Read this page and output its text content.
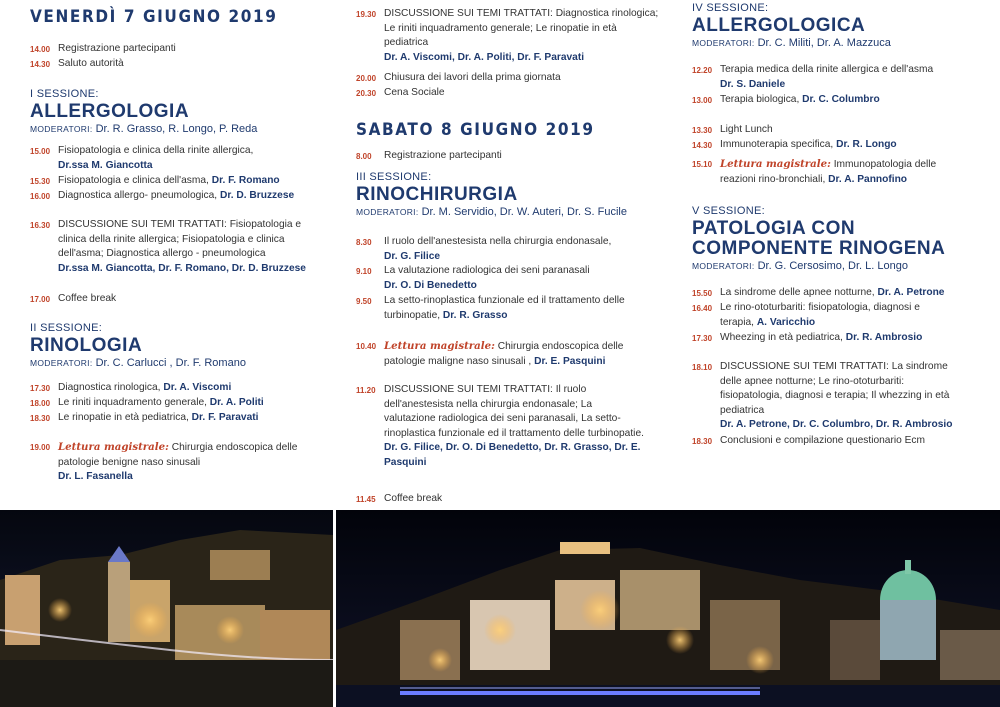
VENERDÌ 7 GIUGNO 2019
14.00 Registrazione partecipanti
14.30 Saluto autorità
I SESSIONE:
ALLERGOLOGIA
MODERATORI: Dr. R. Grasso, R. Longo, P. Reda
15.00 Fisiopatologia e clinica della rinite allergica,
Dr.ssa M. Giancotta
15.30 Fisiopatologia e clinica dell'asma, Dr. F. Romano
16.00 Diagnostica allergo- pneumologica, Dr. D. Bruzzese
16.30 DISCUSSIONE SUI TEMI TRATTATI: Fisiopatologia e clinica della rinite allergica; Fisiopatologia e clinica dell'asma; Diagnostica allergo - pneumologica
Dr.ssa M. Giancotta, Dr. F. Romano, Dr. D. Bruzzese
17.00 Coffee break
II SESSIONE:
RINOLOGIA
MODERATORI: Dr. C. Carlucci , Dr. F. Romano
17.30 Diagnostica rinologica, Dr. A. Viscomi
18.00 Le riniti inquadramento generale, Dr. A. Politi
18.30 Le rinopatie in età pediatrica, Dr. F. Paravati
19.00 Lettura magistrale: Chirurgia endoscopica delle patologie benigne naso sinusali
Dr. L. Fasanella
19.30 DISCUSSIONE SUI TEMI TRATTATI: Diagnostica rinologica; Le riniti inquadramento generale; Le rinopatie in età pediatrica
Dr. A. Viscomi, Dr. A. Politi, Dr. F. Paravati
20.00 Chiusura dei lavori della prima giornata
20.30 Cena Sociale
SABATO 8 GIUGNO 2019
8.00	Registrazione partecipanti
III SESSIONE:
RINOCHIRURGIA
MODERATORI: Dr. M. Servidio, Dr. W. Auteri, Dr. S. Fucile
8.30	Il ruolo dell'anestesista nella chirurgia endonasale,
Dr. G. Filice
9.10	La valutazione radiologica dei seni paranasali
Dr. O. Di Benedetto
9.50	La setto-rinoplastica funzionale ed il trattamento delle turbinopatie, Dr. R. Grasso
10.40 Lettura magistrale: Chirurgia endoscopica delle patologie maligne naso sinusali , Dr. E. Pasquini
11.20 DISCUSSIONE SUI TEMI TRATTATI: Il ruolo dell'anestesista nella chirurgia endonasale; La valutazione radiologica dei seni paranasali, La setto-rinoplastica funzionale ed il trattamento delle turbinopatie.
Dr. G. Filice, Dr. O. Di Benedetto, Dr. R. Grasso, Dr. E. Pasquini
11.45 Coffee break
IV SESSIONE:
ALLERGOLOGICA
MODERATORI: Dr. C. Militi, Dr. A. Mazzuca
12.20 Terapia medica della rinite allergica e dell'asma
Dr. S. Daniele
13.00 Terapia biologica, Dr. C. Columbro
13.30 Light Lunch
14.30 Immunoterapia specifica, Dr. R. Longo
15.10 Lettura magistrale: Immunopatologia delle reazioni rino-bronchiali, Dr. A. Pannofino
V SESSIONE:
PATOLOGIA CON COMPONENTE RINOGENA
MODERATORI: Dr. G. Cersosimo, Dr. L. Longo
15.50 La sindrome delle apnee notturne, Dr. A. Petrone
16.40 Le rino-ototurbariti: fisiopatologia, diagnosi e terapia, A. Varicchio
17.30 Wheezing in età pediatrica, Dr. R. Ambrosio
18.10 DISCUSSIONE SUI TEMI TRATTATI: La sindrome delle apnee notturne; Le rino-ototurbariti: fisiopatologia, diagnosi e terapia; Il whezzing in età pediatrica
Dr. A. Petrone, Dr. C. Columbro, Dr. R. Ambrosio
18.30 Conclusioni e compilazione questionario Ecm
